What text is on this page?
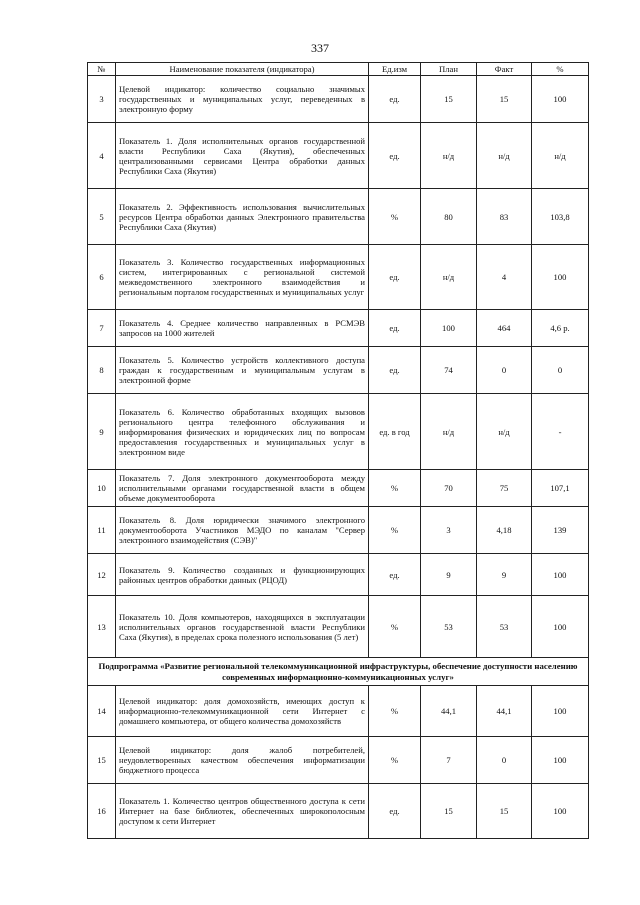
337
№	Наименование показателя (индикатора)	Ед.изм	План	Факт	%
3	Целевой индикатор: количество социально значимых государственных и муниципальных услуг, переведенных в электронную форму	ед.	15	15	100
4	Показатель 1. Доля исполнительных органов государственной власти Республики Саха (Якутия), обеспеченных централизованными сервисами Центра обработки данных Республики Саха (Якутия)	ед.	н/д	н/д	н/д
5	Показатель 2. Эффективность использования вычислительных ресурсов Центра обработки данных Электронного правительства Республики Саха (Якутия)	%	80	83	103,8
6	Показатель 3. Количество государственных информационных систем, интегрированных с региональной системой межведомственного электронного взаимодействия и региональным порталом государственных и муниципальных услуг	ед.	н/д	4	100
7	Показатель 4. Среднее количество направленных в РСМЭВ запросов на 1000 жителей	ед.	100	464	4,6 р.
8	Показатель 5. Количество устройств коллективного доступа граждан к государственным и муниципальным услугам в электронной форме	ед.	74	0	0
9	Показатель 6. Количество обработанных входящих вызовов регионального центра телефонного обслуживания и информирования физических и юридических лиц по вопросам предоставления государственных и муниципальных услуг в электронном виде	ед. в год	н/д	н/д	-
10	Показатель 7. Доля электронного документооборота между исполнительными органами государственной власти в общем объеме документооборота	%	70	75	107,1
11	Показатель 8. Доля юридически значимого электронного документооборота Участников МЭДО по каналам "Сервер электронного взаимодействия (СЭВ)"	%	3	4,18	139
12	Показатель 9. Количество созданных и функционирующих районных центров обработки данных (РЦОД)	ед.	9	9	100
13	Показатель 10. Доля компьютеров, находящихся в эксплуатации исполнительных органов государственной власти Республики Саха (Якутия), в пределах срока полезного использования (5 лет)	%	53	53	100
Подпрограмма «Развитие региональной телекоммуникационной инфраструктуры, обеспечение доступности населению современных информационно-коммуникационных услуг»					
14	Целевой индикатор: доля домохозяйств, имеющих доступ к информационно-телекоммуникационной сети Интернет с домашнего компьютера, от общего количества домохозяйств	%	44,1	44,1	100
15	Целевой индикатор: доля жалоб потребителей, неудовлетворенных качеством обеспечения информатизации бюджетного процесса	%	7	0	100
16	Показатель 1. Количество центров общественного доступа к сети Интернет на базе библиотек, обеспеченных широкополосным доступом к сети Интернет	ед.	15	15	100
